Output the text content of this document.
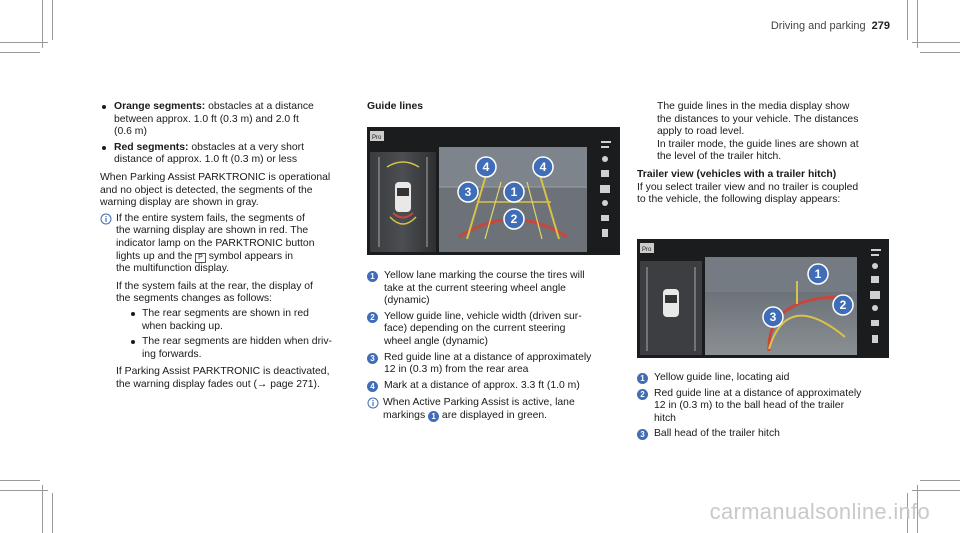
Driving and parking 279

Orange segments: obstacles at a distance

between approx. 1.0 ft (0.3 m) and 2.0 ft

(0.6 m)

Red segments: obstacles at a very short

distance of approx. 1.0 ft (0.3 m) or less

When Parking Assist PARKTRONIC is operational

and no object is detected, the segments of the

warning display are shown in gray.

If the entire system fails, the segments of

the warning display are shown in red. The

indicator lamp on the PARKTRONIC button

lights up and the P symbol appears in

the multifunction display.

If the system fails at the rear, the display of

the segments changes as follows:

The rear segments are shown in red

when backing up.

The rear segments are hidden when driv-

ing forwards.

If Parking Assist PARKTRONIC is deactivated,

the warning display fades out (→ page 271).

Guide lines

Pro
4	4
1
3
2
1 Yellow lane marking the course the tires will

take at the current steering wheel angle

(dynamic)

2 Yellow guide line, vehicle width (driven sur-

face) depending on the current steering

wheel angle (dynamic)

3 Red guide line at a distance of approximately

12 in (0.3 m) from the rear area

4 Mark at a distance of approx. 3.3 ft (1.0 m)

When Active Parking Assist is active, lane

markings 1 are displayed in green.

The guide lines in the media display show

the distances to your vehicle. The distances

apply to road level.

In trailer mode, the guide lines are shown at

the level of the trailer hitch.

Trailer view (vehicles with a trailer hitch)

If you select trailer view and no trailer is coupled

to the vehicle, the following display appears:

Pro
1
2
3
1 Yellow guide line, locating aid

2 Red guide line at a distance of approximately

12 in (0.3 m) to the ball head of the trailer

hitch

3 Ball head of the trailer hitch

carmanualsonline.info
